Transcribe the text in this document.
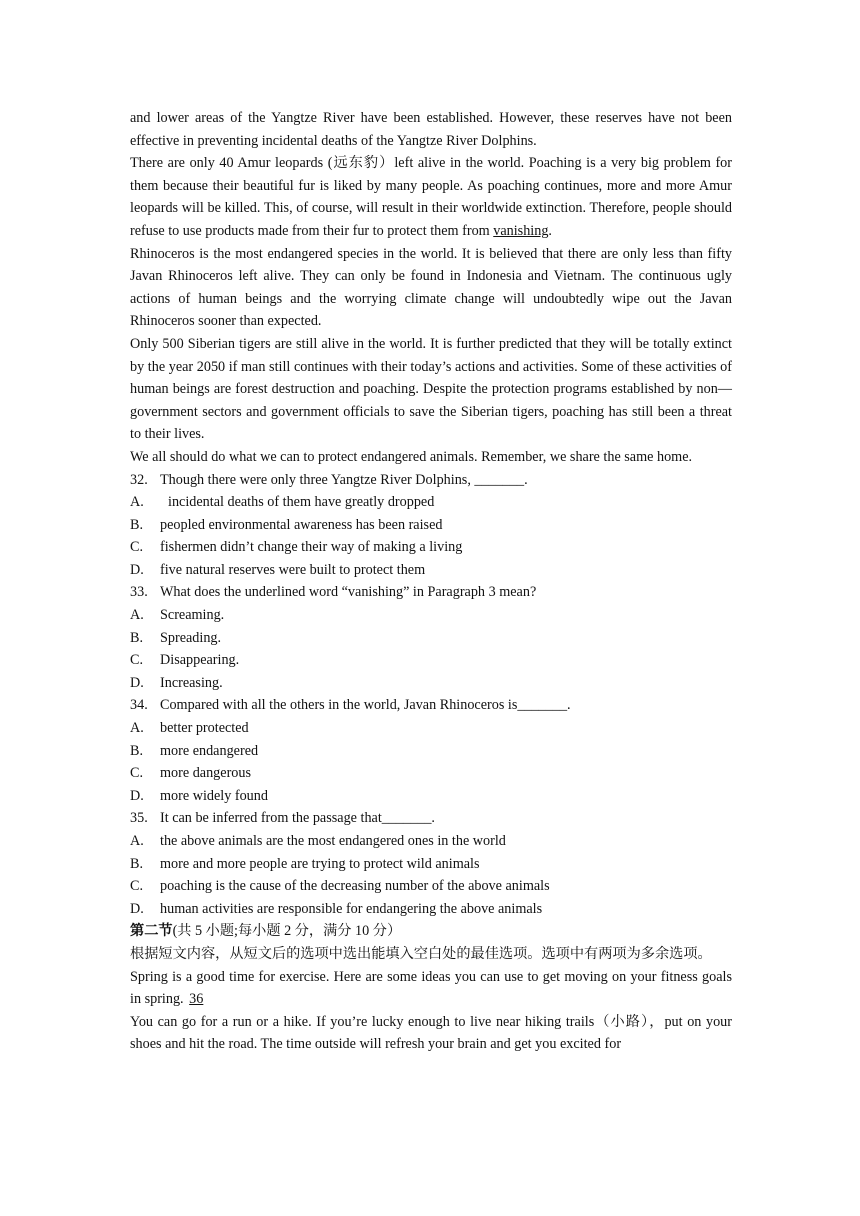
and lower areas of the Yangtze River have been established. However, these reserves have not been effective in preventing incidental deaths of the Yangtze River Dolphins.

There are only 40 Amur leopards (远东豹）left alive in the world. Poaching is a very big problem for them because their beautiful fur is liked by many people. As poaching continues, more and more Amur leopards will be killed. This, of course, will result in their worldwide extinction. Therefore, people should refuse to use products made from their fur to protect them from vanishing.

Rhinoceros is the most endangered species in the world. It is believed that there are only less than fifty Javan Rhinoceros left alive. They can only be found in Indonesia and Vietnam. The continuous ugly actions of human beings and the worrying climate change will undoubtedly wipe out the Javan Rhinoceros sooner than expected.

Only 500 Siberian tigers are still alive in the world. It is further predicted that they will be totally extinct by the year 2050 if man still continues with their today’s actions and activities. Some of these activities of human beings are forest destruction and poaching. Despite the protection programs established by non—government sectors and government officials to save the Siberian tigers, poaching has still been a threat to their lives.

We all should do what we can to protect endangered animals. Remember, we share the same home.

32. Though there were only three Yangtze River Dolphins, _______.
A.	incidental deaths of them have greatly dropped
B.	peopled environmental awareness has been raised
C.	fishermen didn’t change their way of making a living
D.	five natural reserves were built to protect them
33. What does the underlined word “vanishing” in Paragraph 3 mean?
A.	Screaming.
B.	Spreading.
C.	Disappearing.
D.	Increasing.
34. Compared with all the others in the world, Javan Rhinoceros is_______.
A.	better protected
B.	more endangered
C.	more dangerous
D.	more widely found
35. It can be inferred from the passage that_______.
A.	the above animals are the most endangered ones in the world
B.	more and more people are trying to protect wild animals
C.	poaching is the cause of the decreasing number of the above animals
D.	human activities are responsible for endangering the above animals

第二节(共 5 小题;每小题 2 分，满分 10 分）

根据短文内容，从短文后的选项中选出能填入空白处的最佳选项。选项中有两项为多余选项。

Spring is a good time for exercise. Here are some ideas you can use to get moving on your fitness goals in spring. 36

You can go for a run or a hike. If you’re lucky enough to live near hiking trails（小路），put on your shoes and hit the road. The time outside will refresh your brain and get you excited for
